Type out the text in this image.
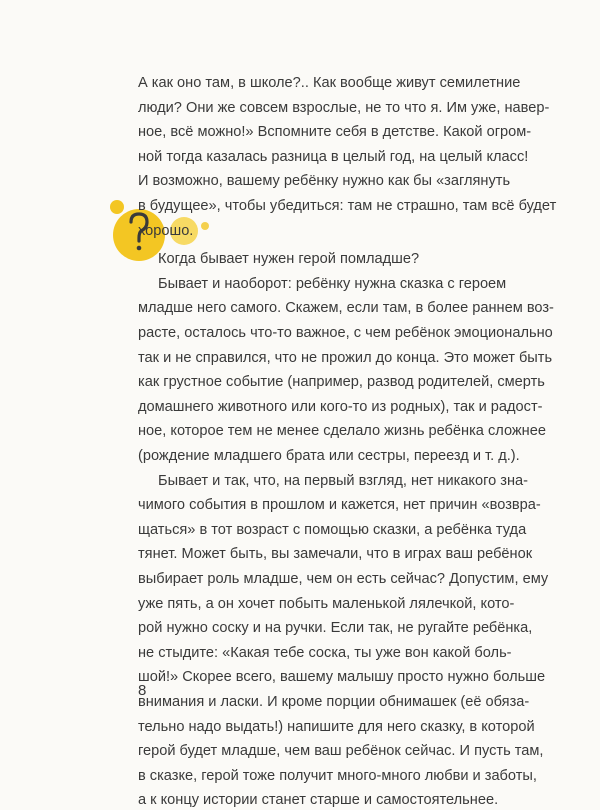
А как оно там, в школе?.. Как вообще живут семилетние
люди? Они же совсем взрослые, не то что я. Им уже, навер-
ное, всё можно!» Вспомните себя в детстве. Какой огром-
ной тогда казалась разница в целый год, на целый класс!
И возможно, вашему ребёнку нужно как бы «заглянуть
в будущее», чтобы убедиться: там не страшно, там всё будет
хорошо.
Когда бывает нужен герой помладше?
Бывает и наоборот: ребёнку нужна сказка с героем
младше него самого. Скажем, если там, в более раннем воз-
расте, осталось что-то важное, с чем ребёнок эмоционально
так и не справился, что не прожил до конца. Это может быть
как грустное событие (например, развод родителей, смерть
домашнего животного или кого-то из родных), так и радост-
ное, которое тем не менее сделало жизнь ребёнка сложнее
(рождение младшего брата или сестры, переезд и т. д.).
Бывает и так, что, на первый взгляд, нет никакого зна-
чимого события в прошлом и кажется, нет причин «возвра-
щаться» в тот возраст с помощью сказки, а ребёнка туда
тянет. Может быть, вы замечали, что в играх ваш ребёнок
выбирает роль младше, чем он есть сейчас? Допустим, ему
уже пять, а он хочет побыть маленькой лялечкой, кото-
рой нужно соску и на ручки. Если так, не ругайте ребёнка,
не стыдите: «Какая тебе соска, ты уже вон какой боль-
шой!» Скорее всего, вашему малышу просто нужно больше
внимания и ласки. И кроме порции обнимашек (её обяза-
тельно надо выдать!) напишите для него сказку, в которой
герой будет младше, чем ваш ребёнок сейчас. И пусть там,
в сказке, герой тоже получит много-много любви и заботы,
а к концу истории станет старше и самостоятельнее.
8
